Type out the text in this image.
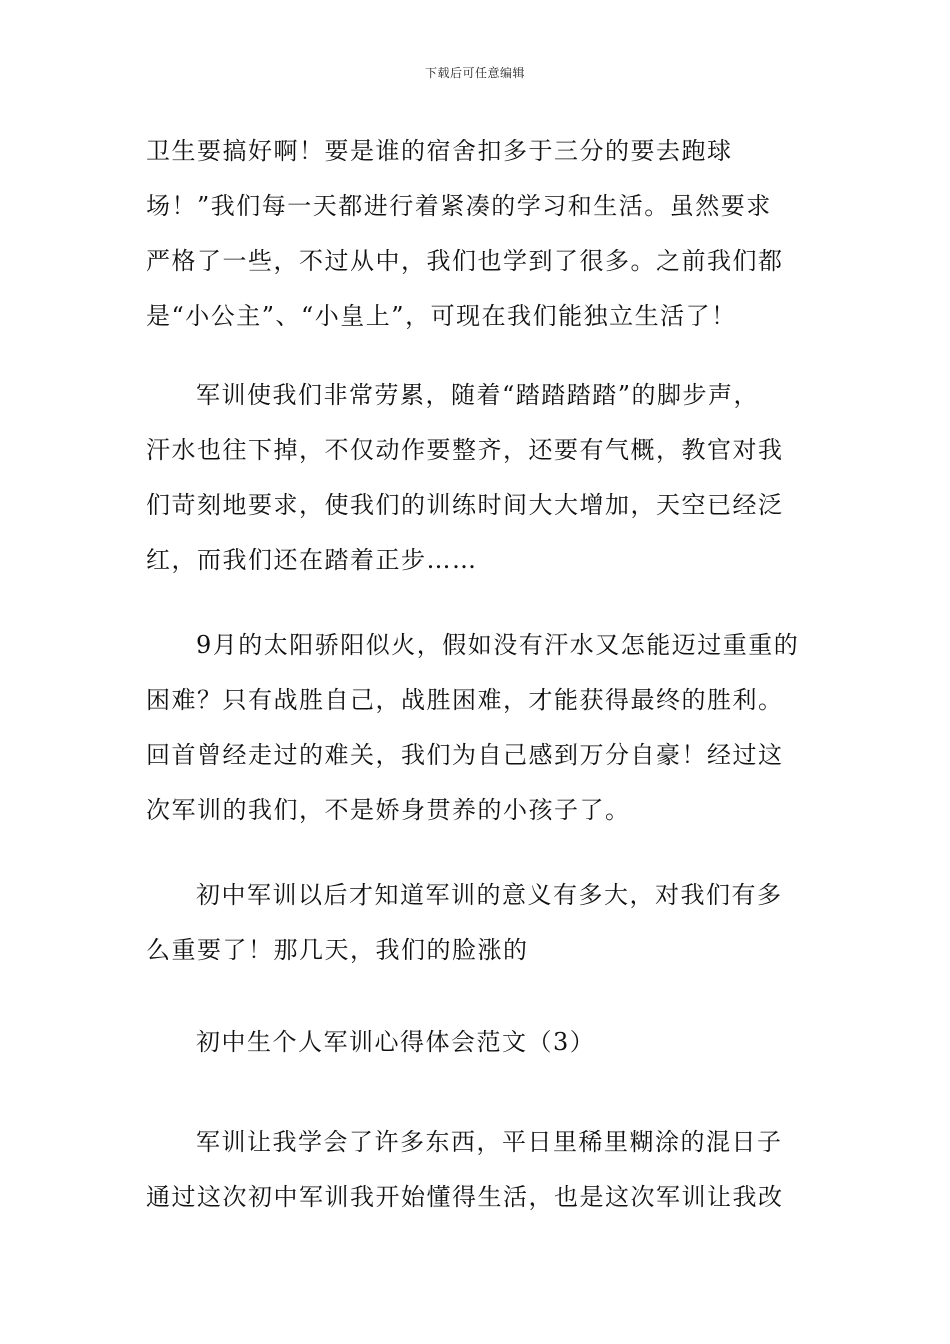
下载后可任意编辑
卫生要搞好啊！要是谁的宿舍扣多于三分的要去跑球
场！”我们每一天都进行着紧凑的学习和生活。虽然要求
严格了一些，不过从中，我们也学到了很多。之前我们都
是“小公主”、“小皇上”，可现在我们能独立生活了！
军训使我们非常劳累，随着“踏踏踏踏”的脚步声，
汗水也往下掉，不仅动作要整齐，还要有气概，教官对我
们苛刻地要求，使我们的训练时间大大增加，天空已经泛
红，而我们还在踏着正步……
9月的太阳骄阳似火，假如没有汗水又怎能迈过重重的
困难？只有战胜自己，战胜困难，才能获得最终的胜利。
回首曾经走过的难关，我们为自己感到万分自豪！经过这
次军训的我们，不是娇身贯养的小孩子了。
初中军训以后才知道军训的意义有多大，对我们有多
么重要了！那几天，我们的脸涨的
初中生个人军训心得体会范文（3）
军训让我学会了许多东西，平日里稀里糊涂的混日子
通过这次初中军训我开始懂得生活，也是这次军训让我改
